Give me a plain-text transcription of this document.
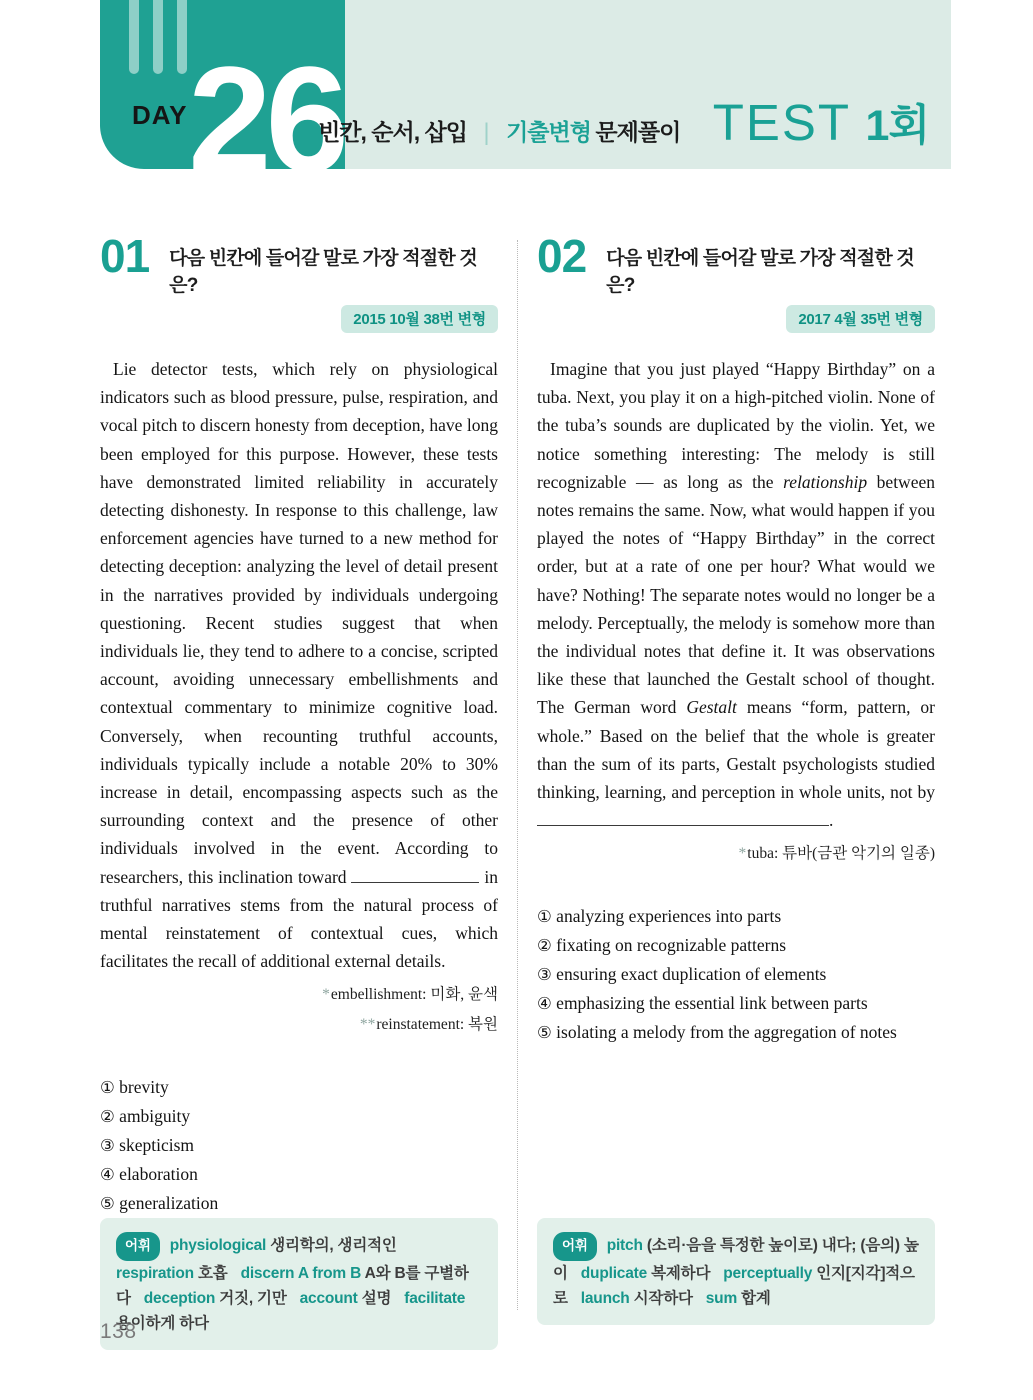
DAY 26
빈칸, 순서, 삽입 | 기출변형 문제풀이 TEST 1회
01 다음 빈칸에 들어갈 말로 가장 적절한 것은?
2015 10월 38번 변형
Lie detector tests, which rely on physiological indicators such as blood pressure, pulse, respiration, and vocal pitch to discern honesty from deception, have long been employed for this purpose. However, these tests have demonstrated limited reliability in accurately detecting dishonesty. In response to this challenge, law enforcement agencies have turned to a new method for detecting deception: analyzing the level of detail present in the narratives provided by individuals undergoing questioning. Recent studies suggest that when individuals lie, they tend to adhere to a concise, scripted account, avoiding unnecessary embellishments and contextual commentary to minimize cognitive load. Conversely, when recounting truthful accounts, individuals typically include a notable 20% to 30% increase in detail, encompassing aspects such as the surrounding context and the presence of other individuals involved in the event. According to researchers, this inclination toward	in truthful narratives stems from the natural process of mental reinstatement of contextual cues, which facilitates the recall of additional external details.
*embellishment: 미화, 윤색
**reinstatement: 복원
① brevity
② ambiguity
③ skepticism
④ elaboration
⑤ generalization
어휘 physiological 생리학의, 생리적인respiration 호흡 discern A from B A와 B를 구별하다 deception 거짓, 기만 account 설명 facilitate 용이하게 하다
02 다음 빈칸에 들어갈 말로 가장 적절한 것은?
2017 4월 35번 변형
Imagine that you just played “Happy Birthday” on a tuba. Next, you play it on a high-pitched violin. None of the tuba’s sounds are duplicated by the violin. Yet, we notice something interesting: The melody is still recognizable — as long as the relationship between notes remains the same. Now, what would happen if you played the notes of “Happy Birthday” in the correct order, but at a rate of one per hour? What would we have? Nothing! The separate notes would no longer be a melody. Perceptually, the melody is somehow more than the individual notes that define it. It was observations like these that launched the Gestalt school of thought. The German word Gestalt means “form, pattern, or whole.” Based on the belief that the whole is greater than the sum of its parts, Gestalt psychologists studied thinking, learning, and perception in whole units, not by .
*tuba: 튜바(금관 악기의 일종)
① analyzing experiences into parts
② fixating on recognizable patterns
③ ensuring exact duplication of elements
④ emphasizing the essential link between parts
⑤ isolating a melody from the aggregation of notes
어휘 pitch (소리·음을 특정한 높이로) 내다; (음의) 높이 duplicate 복제하다 perceptually 인지[지각]적으로 launch 시작하다 sum 합계
138
